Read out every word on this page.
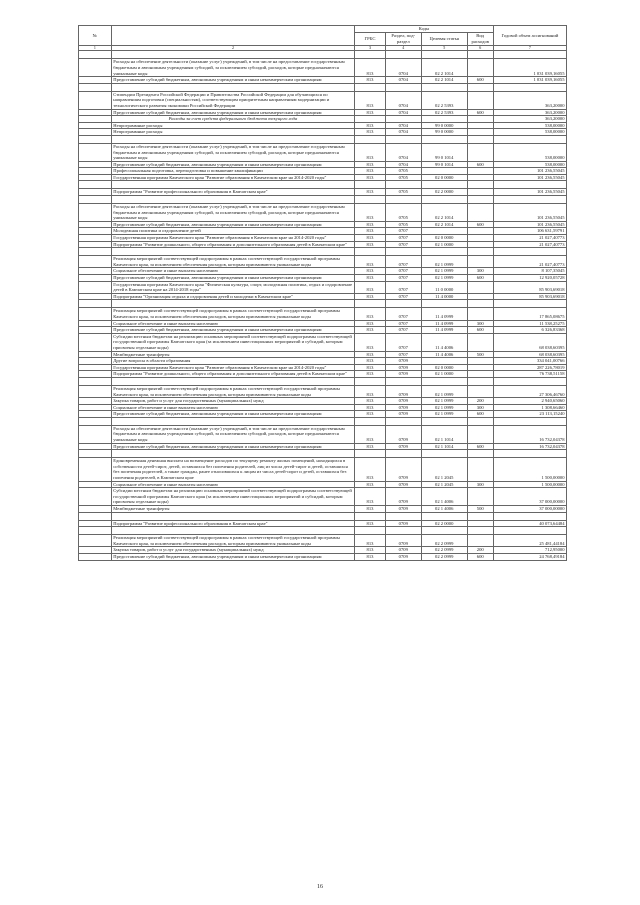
№		Коды				Годовой объем ассигнований
		ГРБС	Раздел, под-раздел	Целевая статья	Вид расходов	
1	2	3	4	5	6	7

	Расходы на обеспечение деятельности (оказание услуг) учреждений, в том числе на предоставление государственным бюджетным и автономным учреждениям субсидий, за исключением субсидий, расходов, которые предназначаются уникальные коды	813	0704	02 2 1014		1 031 039,16055
	Предоставление субсидий бюджетным, автономным учреждениям и иным некоммерческим организациям	813	0704	02 2 1014	600	1 031 039,16055

	Стипендии Президента Российской Федерации и Правительства Российской Федерации для обучающихся по направлениям подготовки (специальностям), соответствующим приоритетным направлениям модернизации и технологического развития экономики Российской Федерации	813	0704	02 2 5393		363,20000
	Предоставление субсидий бюджетным, автономным учреждениям и иным некоммерческим организациям	813	0704	02 2 5393	600	363,20000
	Расходы за счет средств федерального бюджета текущего года					363,20000
	Непрограммные расходы	813	0704	99 0 0000		538,00000
	Непрограммные расходы	813	0704	99 0 0000		538,00000

	Расходы на обеспечение деятельности (оказание услуг) учреждений, в том числе на предоставление государственным бюджетным и автономным учреждениям субсидий, за исключением субсидий, расходов, которые предназначаются уникальные коды	813	0704	99 0 1014		538,00000
	Предоставление субсидий бюджетным, автономным учреждениям и иным некоммерческим организациям	813	0704	99 0 1014	600	538,00000
	Профессиональная подготовка, переподготовка и повышение квалификации	813	0705			101 236,55045
	Государственная программа Камчатского края "Развитие образования в Камчатском крае на 2014-2020 годы"	813	0705	02 0 0000		101 236,55045

	Подпрограмма "Развитие профессионального образования в Камчатском крае"	813	0705	02 2 0000		101 236,55045

	Расходы на обеспечение деятельности (оказание услуг) учреждений, в том числе на предоставление государственным бюджетным и автономным учреждениям субсидий, за исключением субсидий, расходов, которые предназначаются уникальные коды	813	0705	02 2 1014		101 236,55045
	Предоставление субсидий бюджетным, автономным учреждениям и иным некоммерческим организациям	813	0705	02 2 1014	600	101 236,55045
	Молодежная политика и оздоровление детей	813	0707			106 631,59791
	Государственная программа Камчатского края "Развитие образования в Камчатском крае на 2014-2020 годы"	813	0707	02 0 0000		21 027,40773
	Подпрограмма "Развитие дошкольного, общего образования и дополнительного образования детей в Камчатском крае"	813	0707	02 1 0000		21 027,40773

	Реализация мероприятий соответствующей подпрограммы в рамках соответствующей государственной программы Камчатского края, за исключением обеспечения расходов, которым присваиваются уникальные коды	813	0707	02 1 0999		21 027,40773
	Социальное обеспечение и иные выплаты населению	813	0707	02 1 0999	300	8 107,35045
	Предоставление субсидий бюджетным, автономным учреждениям и иным некоммерческим организациям	813	0707	02 1 0999	600	12 920,05728
	Государственная программа Камчатского края "Физическая культура, спорт, молодежная политика, отдых и оздоровление детей в Камчатском крае на 2014-2018 годы"	813	0707	11 0 0000		85 903,69018
	Подпрограмма "Организация отдыха и оздоровления детей и молодежи в Камчатском крае"	813	0707	11 4 0000		85 903,69018

	Реализация мероприятий соответствующей подпрограммы в рамках соответствующей государственной программы Камчатского края, за исключением обеспечения расходов, которым присваиваются уникальные коды	813	0707	11 4 0999		17 865,08675
	Социальное обеспечение и иные выплаты населению	813	0707	11 4 0999	300	11 538,25275
	Предоставление субсидий бюджетным, автономным учреждениям и иным некоммерческим организациям	813	0707	11 4 0999	600	6 326,83368
	Субсидии местным бюджетам на реализацию основных мероприятий соответствующей подпрограммы соответствующей государственной программы Камчатского края (за исключением инвестиционных мероприятий и субсидий, которым присвоены отдельные коды)	813	0707	11 4 4006		68 038,60395
	Межбюджетные трансферты	813	0707	11 4 4006	500	68 038,60395
	Другие вопросы в области образования	813	0709			334 041,00766
	Государственная программа Камчатского края "Развитие образования в Камчатском крае на 2014-2020 годы"	813	0709	02 0 0000		287 226,78019
	Подпрограмма "Развитие дошкольного, общего образования и дополнительного образования детей в Камчатском крае"	813	0709	02 1 0000		76 738,51158

	Реализация мероприятий соответствующей подпрограммы в рамках соответствующей государственной программы Камчатского края, за исключением обеспечения расходов, которым присваиваются уникальные коды	813	0709	02 1 0999		27 306,46760
	Закупка товаров, работ и услуг для государственных (муниципальных) нужд	813	0709	02 1 0999	200	2 940,65060
	Социальное обеспечение и иные выплаты населению	813	0709	02 1 0999	300	1 308,66460
	Предоставление субсидий бюджетным, автономным учреждениям и иным некоммерческим организациям	813	0709	02 1 0999	600	23 113,15240

	Расходы на обеспечение деятельности (оказание услуг) учреждений, в том числе на предоставление государственным бюджетным и автономным учреждениям субсидий, за исключением субсидий, расходов, которые предназначаются уникальные коды	813	0709	02 1 1014		16 732,04378
	Предоставление субсидий бюджетным, автономным учреждениям и иным некоммерческим организациям	813	0709	02 1 1014	600	16 732,04378

	Единовременная денежная выплата на возмещение расходов по текущему ремонту жилых помещений, находящихся в собственности детей-сирот, детей, оставшихся без попечения родителей, лиц из числа детей-сирот и детей, оставшихся без попечения родителей, а также граждан, ранее относившихся к лицам из числа детей-сирот и детей, оставшихся без попечения родителей, в Камчатском крае	813	0709	02 1 2045		1 500,00000
	Социальное обеспечение и иные выплаты населению	813	0709	02 1 2045	300	1 500,00000
	Субсидии местным бюджетам на реализацию основных мероприятий соответствующей подпрограммы соответствующей государственной программы Камчатского края (за исключением инвестиционных мероприятий и субсидий, которым присвоены отдельные коды)	813	0709	02 1 4006		37 000,00000
	Межбюджетные трансферты	813	0709	02 1 4006	500	37 000,00000

	Подпрограмма "Развитие профессионального образования в Камчатском крае"	813	0709	02 2 0000		40 073,64484

	Реализация мероприятий соответствующей подпрограммы в рамках соответствующей государственной программы Камчатского края, за исключением обеспечения расходов, которым присваиваются уникальные коды	813	0709	02 2 0999		25 481,44184
	Закупка товаров, работ и услуг для государственных (муниципальных) нужд	813	0709	02 2 0999	200	712,95000
	Предоставление субсидий бюджетным, автономным учреждениям и иным некоммерческим организациям	813	0709	02 2 0999	600	24 768,49184
16
